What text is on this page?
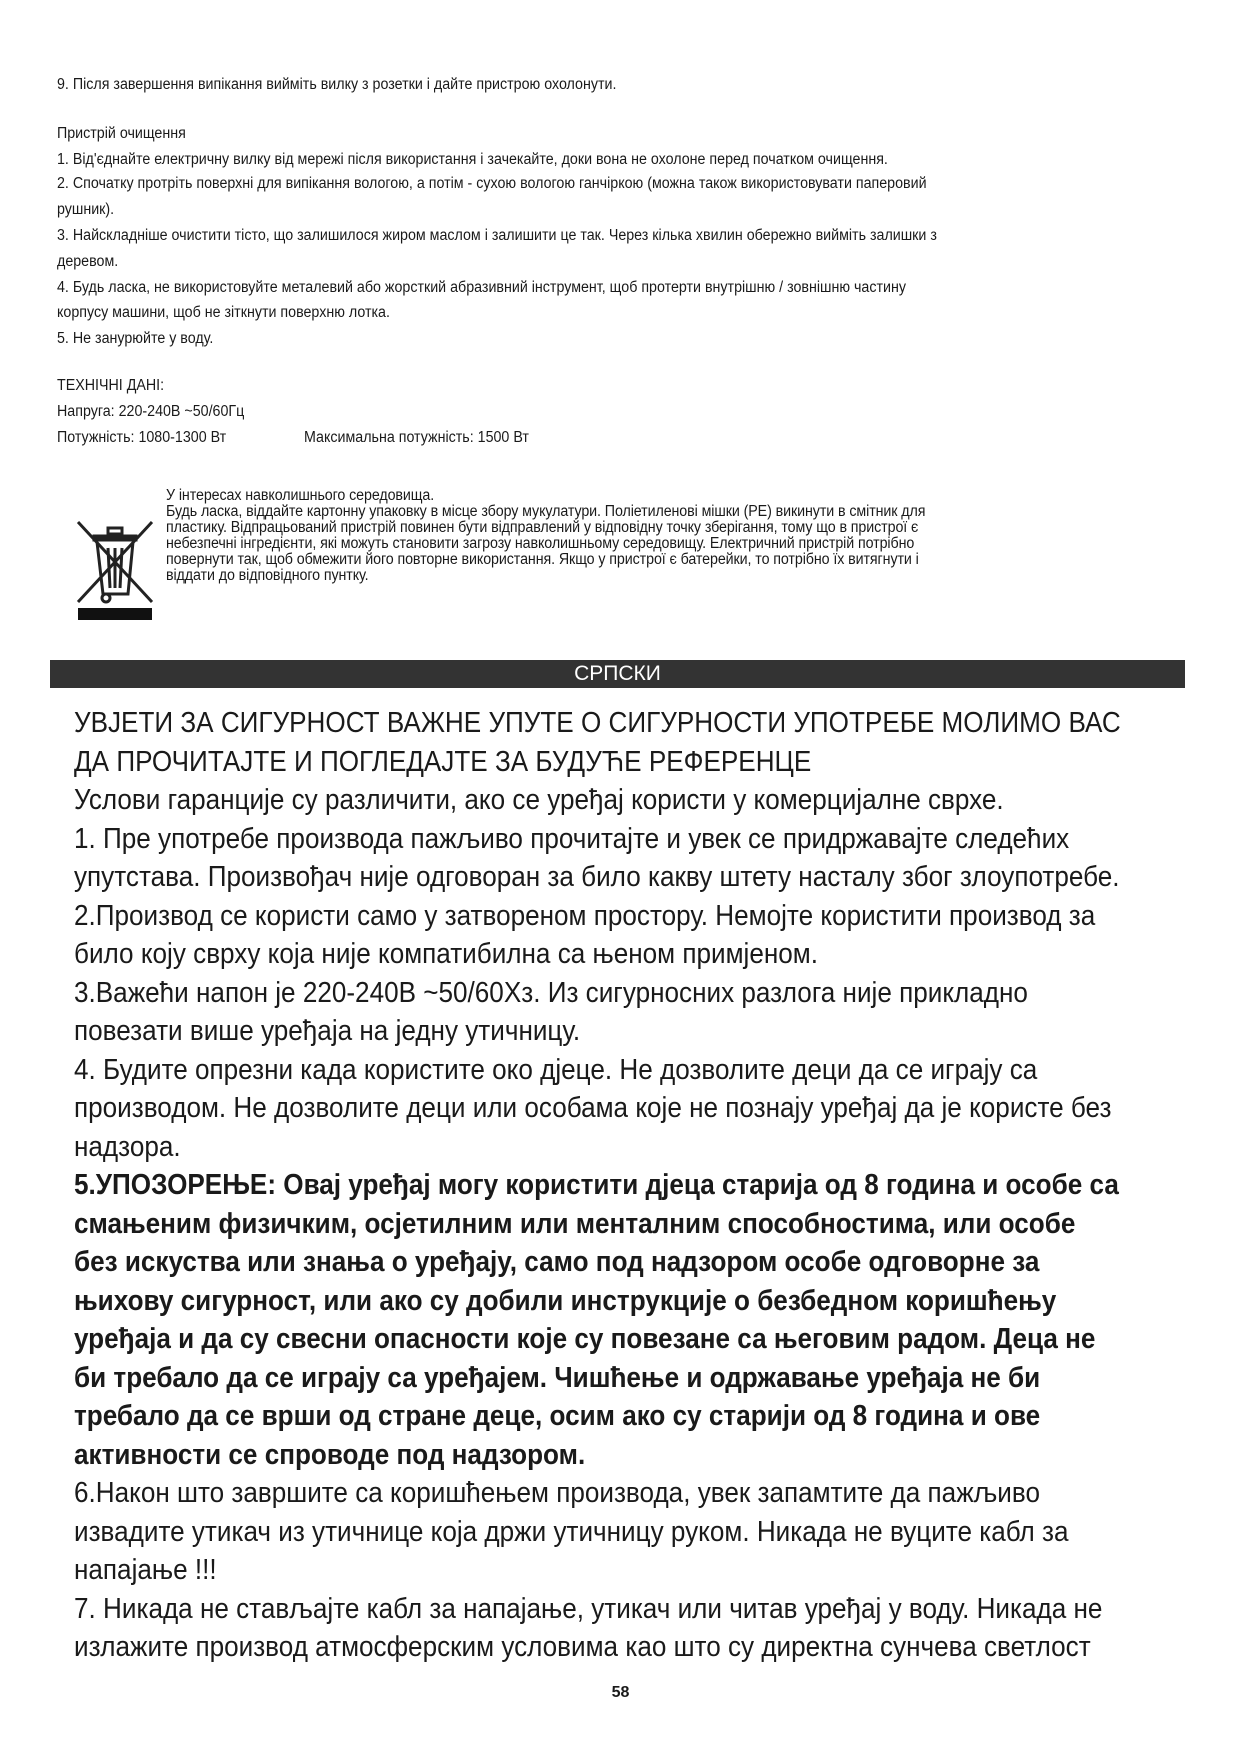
9. Після завершення випікання вийміть вилку з розетки і дайте пристрою охолонути.
Пристрій очищення
1. Від'єднайте електричну вилку від мережі після використання і зачекайте, доки вона не охолоне перед початком очищення.
2. Спочатку протріть поверхні для випікання вологою, а потім - сухою вологою ганчіркою (можна також використовувати паперовий
рушник).
3. Найскладніше очистити тісто, що залишилося жиром маслом і залишити це так. Через кілька хвилин обережно вийміть залишки з
деревом.
4. Будь ласка, не використовуйте металевий або жорсткий абразивний інструмент, щоб протерти внутрішню / зовнішню частину
корпусу машини, щоб не зіткнути поверхню лотка.
5. Не занурюйте у воду.
ТЕХНІЧНІ ДАНІ:
Напруга: 220-240В ~50/60Гц
Потужність: 1080-1300 Вт	Максимальна потужність: 1500 Вт
У інтересах навколишнього середовища.
Будь ласка, віддайте картонну упаковку в місце збору мукулатури. Поліетиленові мішки (PE) викинути в смітник для
пластику. Відпрацьований пристрій повинен бути відправлений у відповідну точку зберігання, тому що в пристрої є
небезпечні інгредієнти, які можуть становити загрозу навколишньому середовищу. Електричний пристрій потрібно
повернути так, щоб обмежити його повторне використання. Якщо у пристрої є батерейки, то потрібно їх витягнути і
віддати до відповідного пунтку.
СРПСКИ

УВЈЕТИ ЗА СИГУРНОСТ ВАЖНЕ УПУТЕ О СИГУРНОСТИ УПОТРЕБЕ МОЛИМО ВАС

ДА ПРОЧИТАЈТЕ И ПОГЛЕДАЈТЕ ЗА БУДУЋЕ РЕФЕРЕНЦЕ

Услови гаранције су различити, ако се уређај користи у комерцијалне сврхе.

1. Пре употребе производа пажљиво прочитајте и увек се придржавајте следећих

упутстава. Произвођач није одговоран за било какву штету насталу због злоупотребе.

2.Производ се користи само у затвореном простору. Немојте користити производ за

било коју сврху која није компатибилна са њеном примјеном.

3.Важећи напон је 220-240В ~50/60Хз. Из сигурносних разлога није прикладно

повезати више уређаја на једну утичницу.

4. Будите опрезни када користите око дјеце. Не дозволите деци да се играју са

производом. Не дозволите деци или особама које не познају уређај да је користе без

надзора.

5.УПОЗОРЕЊЕ: Овај уређај могу користити дјеца старија од 8 година и особе са

смањеним физичким, осјетилним или менталним способностима, или особе

без искуства или знања о уређају, само под надзором особе одговорне за

њихову сигурност, или ако су добили инструкције о безбедном коришћењу

уређаја и да су свесни опасности које су повезане са његовим радом. Деца не

би требало да се играју са уређајем. Чишћење и одржавање уређаја не би

требало да се врши од стране деце, осим ако су старији од 8 година и ове

активности се спроводе под надзором.

6.Након што завршите са коришћењем производа, увек запамтите да пажљиво

извадите утикач из утичнице која држи утичницу руком. Никада не вуците кабл за

напајање !!!

7. Никада не стављајте кабл за напајање, утикач или читав уређај у воду. Никада не

излажите производ атмосферским условима као што су директна сунчева светлост

58
